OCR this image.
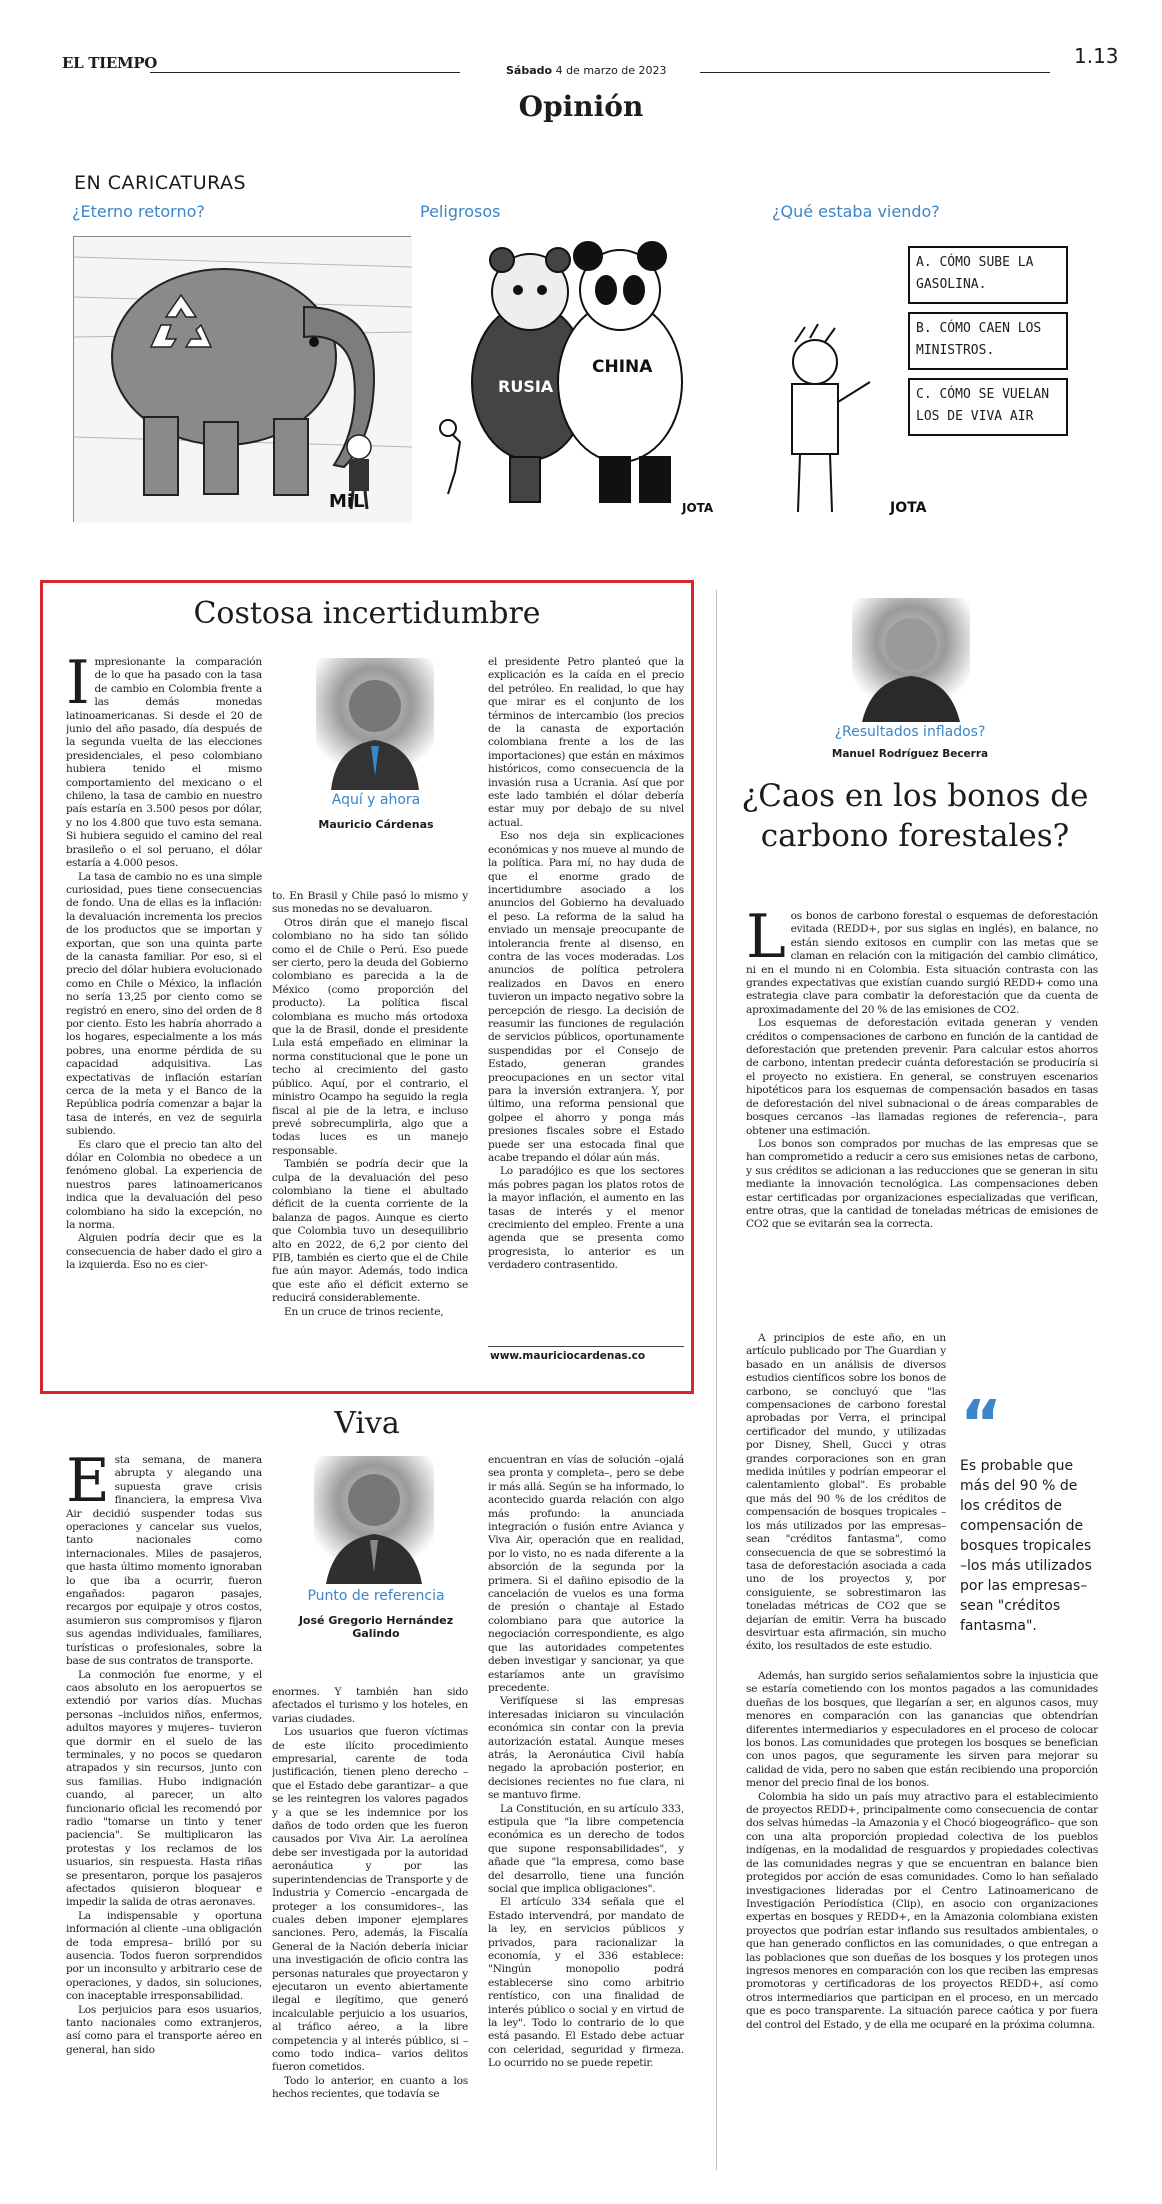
EL TIEMPO	Sábado 4 de marzo de 2023
1.13
Opinión
EN CARICATURAS
¿Eterno retorno?	Peligrosos	¿Qué estaba viendo?
MiL
RUSIA
CHINA
JOTA	JOTA
A. CÓMO SUBE LA GASOLINA.
B. CÓMO CAEN LOS MINISTROS.
C. CÓMO SE VUELAN LOS DE VIVA AIR
Costosa incertidumbre

Impresionante la comparación de lo que ha pasado con la tasa de cambio en Colombia frente a las demás monedas latinoamericanas. Si desde el 20 de junio del año pasado, día después de la segunda vuelta de las elecciones presidenciales, el peso colombiano hubiera tenido el mismo comportamiento del mexicano o el chileno, la tasa de cambio en nuestro país estaría en 3.500 pesos por dólar, y no los 4.800 que tuvo esta semana. Si hubiera seguido el camino del real brasileño o el sol peruano, el dólar estaría a 4.000 pesos.

La tasa de cambio no es una simple curiosidad, pues tiene consecuencias de fondo. Una de ellas es la inflación: la devaluación incrementa los precios de los productos que se importan y exportan, que son una quinta parte de la canasta familiar. Por eso, si el precio del dólar hubiera evolucionado como en Chile o México, la inflación no sería 13,25 por ciento como se registró en enero, sino del orden de 8 por ciento. Esto les habría ahorrado a los hogares, especialmente a los más pobres, una enorme pérdida de su capacidad adquisitiva. Las expectativas de inflación estarían cerca de la meta y el Banco de la República podría comenzar a bajar la tasa de interés, en vez de seguirla subiendo.

Es claro que el precio tan alto del dólar en Colombia no obedece a un fenómeno global. La experiencia de nuestros pares latinoamericanos indica que la devaluación del peso colombiano ha sido la excepción, no la norma.

Alguien podría decir que es la consecuencia de haber dado el giro a la izquierda. Eso no es cier-

Aquí y ahora
Mauricio Cárdenas

to. En Brasil y Chile pasó lo mismo y sus monedas no se devaluaron.

Otros dirán que el manejo fiscal colombiano no ha sido tan sólido como el de Chile o Perú. Eso puede ser cierto, pero la deuda del Gobierno colombiano es parecida a la de México (como proporción del producto). La política fiscal colombiana es mucho más ortodoxa que la de Brasil, donde el presidente Lula está empeñado en eliminar la norma constitucional que le pone un techo al crecimiento del gasto público. Aquí, por el contrario, el ministro Ocampo ha seguido la regla fiscal al pie de la letra, e incluso prevé sobrecumplirla, algo que a todas luces es un manejo responsable.

También se podría decir que la culpa de la devaluación del peso colombiano la tiene el abultado déficit de la cuenta corriente de la balanza de pagos. Aunque es cierto que Colombia tuvo un desequilibrio alto en 2022, de 6,2 por ciento del PIB, también es cierto que el de Chile fue aún mayor. Además, todo indica que este año el déficit externo se reducirá considerablemente.

En un cruce de trinos reciente,

el presidente Petro planteó que la explicación es la caída en el precio del petróleo. En realidad, lo que hay que mirar es el conjunto de los términos de intercambio (los precios de la canasta de exportación colombiana frente a los de las importaciones) que están en máximos históricos, como consecuencia de la invasión rusa a Ucrania. Así que por este lado también el dólar debería estar muy por debajo de su nivel actual.

Eso nos deja sin explicaciones económicas y nos mueve al mundo de la política. Para mí, no hay duda de que el enorme grado de incertidumbre asociado a los anuncios del Gobierno ha devaluado el peso. La reforma de la salud ha enviado un mensaje preocupante de intolerancia frente al disenso, en contra de las voces moderadas. Los anuncios de política petrolera realizados en Davos en enero tuvieron un impacto negativo sobre la percepción de riesgo. La decisión de reasumir las funciones de regulación de servicios públicos, oportunamente suspendidas por el Consejo de Estado, generan grandes preocupaciones en un sector vital para la inversión extranjera. Y, por último, una reforma pensional que golpee el ahorro y ponga más presiones fiscales sobre el Estado puede ser una estocada final que acabe trepando el dólar aún más.

Lo paradójico es que los sectores más pobres pagan los platos rotos de la mayor inflación, el aumento en las tasas de interés y el menor crecimiento del empleo. Frente a una agenda que se presenta como progresista, lo anterior es un verdadero contrasentido.

www.mauriciocardenas.co
¿Resultados inflados?
Manuel Rodríguez Becerra
¿Caos en los bonos de carbono forestales?

Los bonos de carbono forestal o esquemas de deforestación evitada (REDD+, por sus siglas en inglés), en balance, no están siendo exitosos en cumplir con las metas que se claman en relación con la mitigación del cambio climático, ni en el mundo ni en Colombia. Esta situación contrasta con las grandes expectativas que existían cuando surgió REDD+ como una estrategia clave para combatir la deforestación que da cuenta de aproximadamente del 20 % de las emisiones de CO2.

Los esquemas de deforestación evitada generan y venden créditos o compensaciones de carbono en función de la cantidad de deforestación que pretenden prevenir. Para calcular estos ahorros de carbono, intentan predecir cuánta deforestación se produciría si el proyecto no existiera. En general, se construyen escenarios hipotéticos para los esquemas de compensación basados en tasas de deforestación del nivel subnacional o de áreas comparables de bosques cercanos –las llamadas regiones de referencia–, para obtener una estimación.

Los bonos son comprados por muchas de las empresas que se han comprometido a reducir a cero sus emisiones netas de carbono, y sus créditos se adicionan a las reducciones que se generan in situ mediante la innovación tecnológica. Las compensaciones deben estar certificadas por organizaciones especializadas que verifican, entre otras, que la cantidad de toneladas métricas de emisiones de CO2 que se evitarán sea la correcta.

A principios de este año, en un artículo publicado por The Guardian y basado en un análisis de diversos estudios científicos sobre los bonos de carbono, se concluyó que "las compensaciones de carbono forestal aprobadas por Verra, el principal certificador del mundo, y utilizadas por Disney, Shell, Gucci y otras grandes corporaciones son en gran medida inútiles y podrían empeorar el calentamiento global". Es probable que más del 90 % de los créditos de compensación de bosques tropicales –los más utilizados por las empresas– sean "créditos fantasma", como consecuencia de que se sobrestimó la tasa de deforestación asociada a cada uno de los proyectos y, por consiguiente, se sobrestimaron las toneladas métricas de CO2 que se dejarían de emitir. Verra ha buscado desvirtuar esta afirmación, sin mucho éxito, los resultados de este estudio.

“
Es probable que más del 90 % de los créditos de compensación de bosques tropicales –los más utilizados por las empresas– sean "créditos fantasma".

Además, han surgido serios señalamientos sobre la injusticia que se estaría cometiendo con los montos pagados a las comunidades dueñas de los bosques, que llegarían a ser, en algunos casos, muy menores en comparación con las ganancias que obtendrían diferentes intermediarios y especuladores en el proceso de colocar los bonos. Las comunidades que protegen los bosques se benefician con unos pagos, que seguramente les sirven para mejorar su calidad de vida, pero no saben que están recibiendo una proporción menor del precio final de los bonos.

Colombia ha sido un país muy atractivo para el establecimiento de proyectos REDD+, principalmente como consecuencia de contar dos selvas húmedas –la Amazonia y el Chocó biogeográfico– que son con una alta proporción propiedad colectiva de los pueblos indígenas, en la modalidad de resguardos y propiedades colectivas de las comunidades negras y que se encuentran en balance bien protegidos por acción de esas comunidades. Como lo han señalado investigaciones lideradas por el Centro Latinoamericano de Investigación Periodística (Clip), en asocio con organizaciones expertas en bosques y REDD+, en la Amazonia colombiana existen proyectos que podrían estar inflando sus resultados ambientales, o que han generado conflictos en las comunidades, o que entregan a las poblaciones que son dueñas de los bosques y los protegen unos ingresos menores en comparación con los que reciben las empresas promotoras y certificadoras de los proyectos REDD+, así como otros intermediarios que participan en el proceso, en un mercado que es poco transparente. La situación parece caótica y por fuera del control del Estado, y de ella me ocuparé en la próxima columna.

Viva

Esta semana, de manera abrupta y alegando una supuesta grave crisis financiera, la empresa Viva Air decidió suspender todas sus operaciones y cancelar sus vuelos, tanto nacionales como internacionales. Miles de pasajeros, que hasta último momento ignoraban lo que iba a ocurrir, fueron engañados: pagaron pasajes, recargos por equipaje y otros costos, asumieron sus compromisos y fijaron sus agendas individuales, familiares, turísticas o profesionales, sobre la base de sus contratos de transporte.

La conmoción fue enorme, y el caos absoluto en los aeropuertos se extendió por varios días. Muchas personas –incluidos niños, enfermos, adultos mayores y mujeres– tuvieron que dormir en el suelo de las terminales, y no pocos se quedaron atrapados y sin recursos, junto con sus familias. Hubo indignación cuando, al parecer, un alto funcionario oficial les recomendó por radio "tomarse un tinto y tener paciencia". Se multiplicaron las protestas y los reclamos de los usuarios, sin respuesta. Hasta riñas se presentaron, porque los pasajeros afectados quisieron bloquear e impedir la salida de otras aeronaves.

La indispensable y oportuna información al cliente –una obligación de toda empresa– brilló por su ausencia. Todos fueron sorprendidos por un inconsulto y arbitrario cese de operaciones, y dados, sin soluciones, con inaceptable irresponsabilidad.

Los perjuicios para esos usuarios, tanto nacionales como extranjeros, así como para el transporte aéreo en general, han sido

Punto de referencia
José Gregorio Hernández Galindo

enormes. Y también han sido afectados el turismo y los hoteles, en varias ciudades.

Los usuarios que fueron víctimas de este ilícito procedimiento empresarial, carente de toda justificación, tienen pleno derecho –que el Estado debe garantizar– a que se les reintegren los valores pagados y a que se les indemnice por los daños de todo orden que les fueron causados por Viva Air. La aerolínea debe ser investigada por la autoridad aeronáutica y por las superintendencias de Transporte y de Industria y Comercio –encargada de proteger a los consumidores–, las cuales deben imponer ejemplares sanciones. Pero, además, la Fiscalía General de la Nación debería iniciar una investigación de oficio contra las personas naturales que proyectaron y ejecutaron un evento abiertamente ilegal e ilegítimo, que generó incalculable perjuicio a los usuarios, al tráfico aéreo, a la libre competencia y al interés público, si –como todo indica– varios delitos fueron cometidos.

Todo lo anterior, en cuanto a los hechos recientes, que todavía se

encuentran en vías de solución –ojalá sea pronta y completa–, pero se debe ir más allá. Según se ha informado, lo acontecido guarda relación con algo más profundo: la anunciada integración o fusión entre Avianca y Viva Air, operación que en realidad, por lo visto, no es nada diferente a la absorción de la segunda por la primera. Si el dañino episodio de la cancelación de vuelos es una forma de presión o chantaje al Estado colombiano para que autorice la negociación correspondiente, es algo que las autoridades competentes deben investigar y sancionar, ya que estaríamos ante un gravísimo precedente.

Verifíquese si las empresas interesadas iniciaron su vinculación económica sin contar con la previa autorización estatal. Aunque meses atrás, la Aeronáutica Civil había negado la aprobación posterior, en decisiones recientes no fue clara, ni se mantuvo firme.

La Constitución, en su artículo 333, estipula que "la libre competencia económica es un derecho de todos que supone responsabilidades", y añade que "la empresa, como base del desarrollo, tiene una función social que implica obligaciones".

El artículo 334 señala que el Estado intervendrá, por mandato de la ley, en servicios públicos y privados, para racionalizar la economía, y el 336 establece: "Ningún monopolio podrá establecerse sino como arbitrio rentístico, con una finalidad de interés público o social y en virtud de la ley". Todo lo contrario de lo que está pasando. El Estado debe actuar con celeridad, seguridad y firmeza. Lo ocurrido no se puede repetir.
